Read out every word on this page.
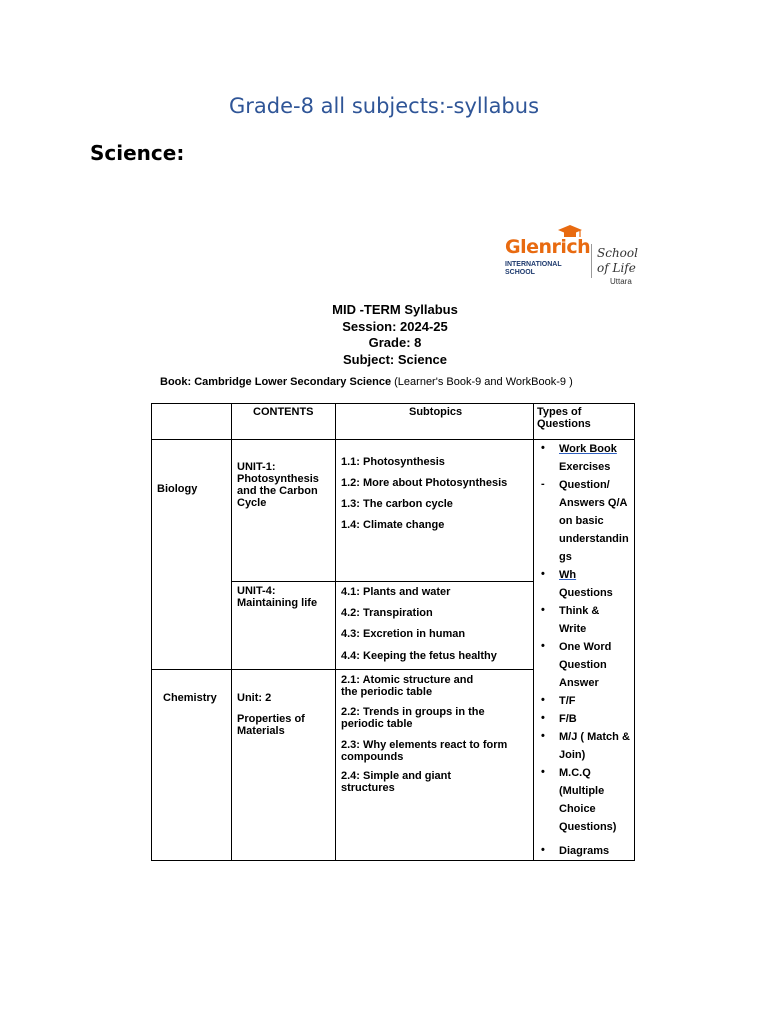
Grade-8 all subjects:-syllabus
Science:
Glenrich
INTERNATIONAL
SCHOOL
School
of Life
Uttara
MID -TERM Syllabus
Session: 2024-25
Grade: 8
Subject: Science
Book: Cambridge Lower Secondary Science (Learner's Book-9 and WorkBook-9 )
CONTENTS	Subtopics	Types of Questions
Biology
UNIT-1: Photosynthesis and the Carbon Cycle
1.1: Photosynthesis
1.2: More about Photosynthesis
1.3: The carbon cycle
1.4: Climate change
UNIT-4: Maintaining life
4.1: Plants and water
4.2: Transpiration
4.3: Excretion in human
4.4: Keeping the fetus healthy
Chemistry Unit: 2
Properties of Materials
2.1: Atomic structure and the periodic table
2.2: Trends in groups in the periodic table
2.3: Why elements react to form compounds
2.4: Simple and giant structures
•
-
•
•
•
•
•
•
•
•
Work Book
Exercises
Question/
Answers Q/A
on basic
understandin
gs
Wh
Questions
Think &
Write
One Word
Question
Answer
T/F
F/B
M/J ( Match &
Join)
M.C.Q
(Multiple
Choice
Questions)
Diagrams
